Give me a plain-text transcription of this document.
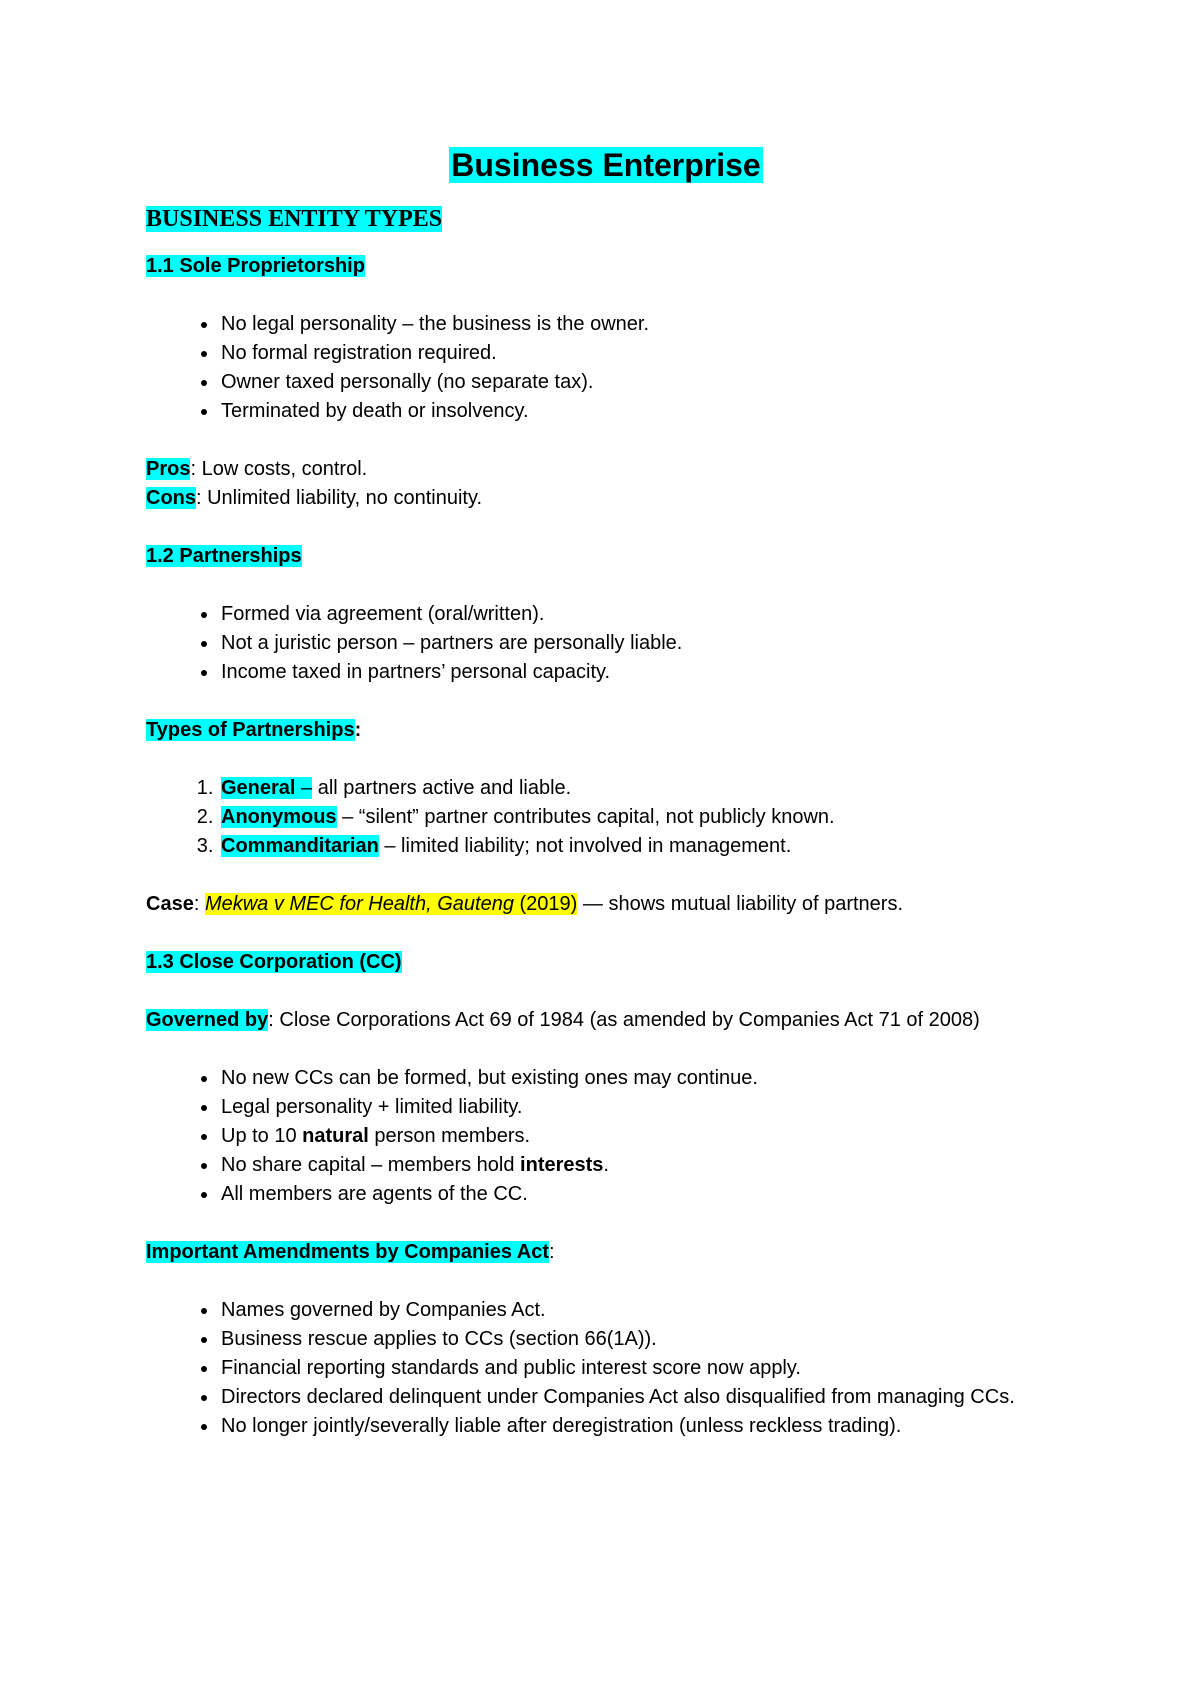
Business Enterprise
BUSINESS ENTITY TYPES
1.1 Sole Proprietorship
• No legal personality – the business is the owner.
• No formal registration required.
• Owner taxed personally (no separate tax).
• Terminated by death or insolvency.

Pros: Low costs, control.

Cons: Unlimited liability, no continuity.

1.2 Partnerships
• Formed via agreement (oral/written).
• Not a juristic person – partners are personally liable.
• Income taxed in partners’ personal capacity.
Types of Partnerships:
1. General – all partners active and liable.
2. Anonymous – “silent” partner contributes capital, not publicly known.
3. Commanditarian – limited liability; not involved in management.

Case: Mekwa v MEC for Health, Gauteng (2019) — shows mutual liability of partners.

1.3 Close Corporation (CC)

Governed by: Close Corporations Act 69 of 1984 (as amended by Companies Act 71 of 2008)

• No new CCs can be formed, but existing ones may continue.
• Legal personality + limited liability.
• Up to 10 natural person members.
• No share capital – members hold interests.
• All members are agents of the CC.
Important Amendments by Companies Act:
• Names governed by Companies Act.
• Business rescue applies to CCs (section 66(1A)).
• Financial reporting standards and public interest score now apply.
• Directors declared delinquent under Companies Act also disqualified from managing CCs.
• No longer jointly/severally liable after deregistration (unless reckless trading).
